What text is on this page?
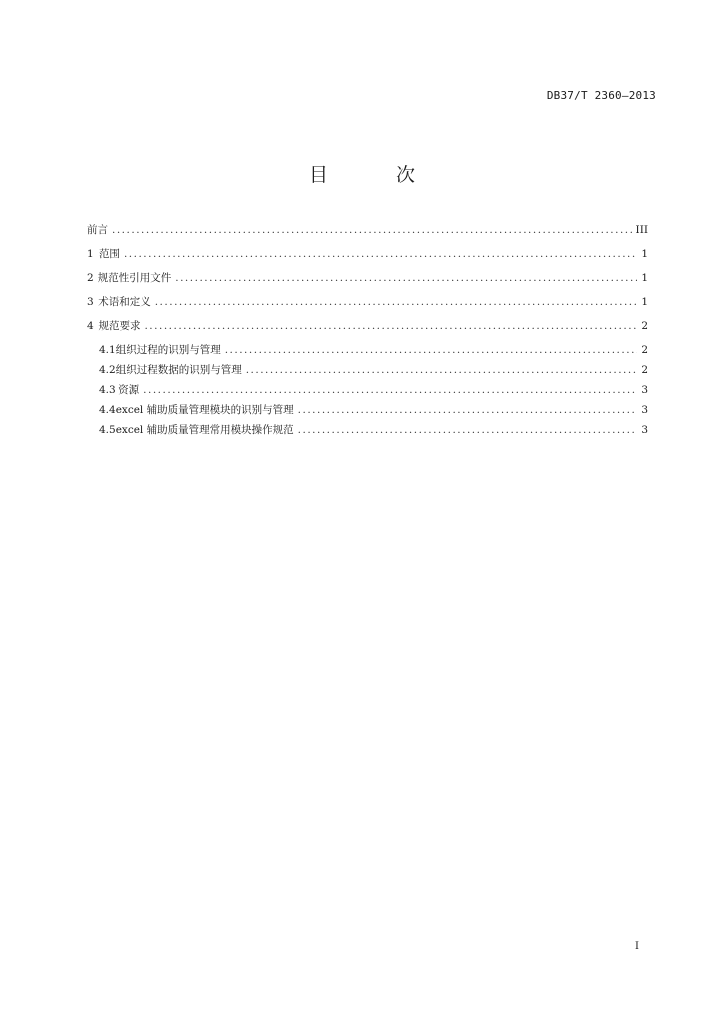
DB37/T 2360—2013
目	次
前言 .....	III
1 范围 .....	1
2 规范性引用文件 .....	1
3 术语和定义 .....	1
4 规范要求 .....	2
4.1 组织过程的识别与管理 .....	2
4.2 组织过程数据的识别与管理 .....	2
4.3 资源 .....	3
4.4 excel 辅助质量管理模块的识别与管理 .....	3
4.5 excel 辅助质量管理常用模块操作规范 .....	3
I
